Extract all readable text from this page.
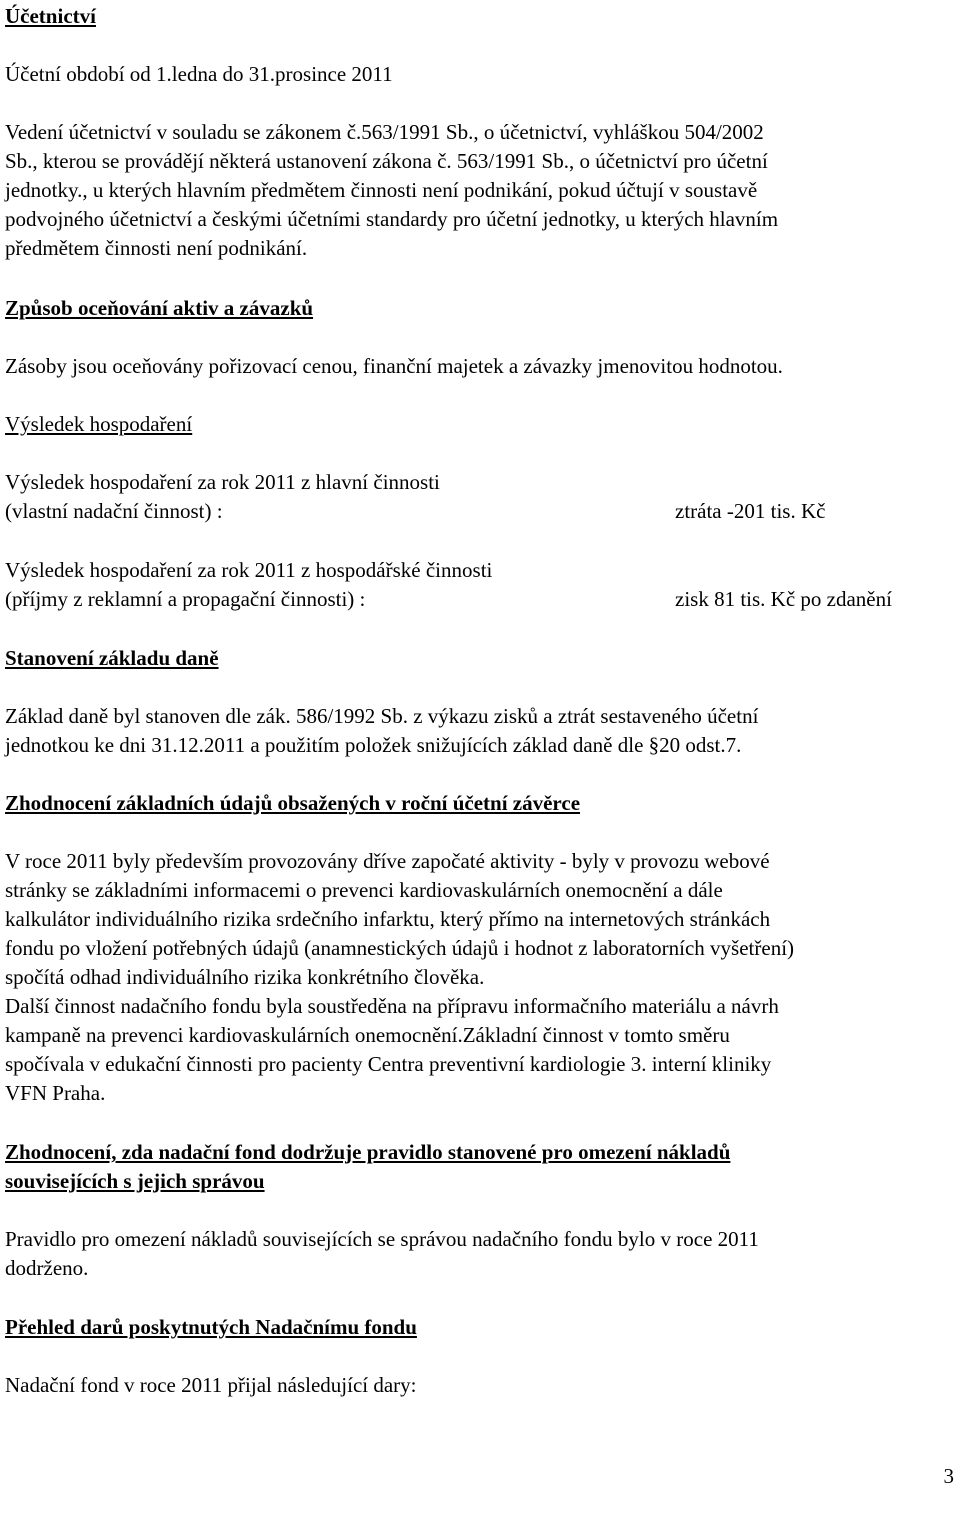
Účetnictví
Účetní období od 1.ledna do 31.prosince 2011
Vedení účetnictví v souladu se zákonem č.563/1991 Sb., o účetnictví, vyhláškou 504/2002
Sb., kterou se provádějí některá ustanovení zákona č. 563/1991 Sb., o účetnictví pro účetní
jednotky., u kterých hlavním předmětem činnosti není podnikání, pokud účtují v soustavě
podvojného účetnictví a českými účetními standardy pro účetní jednotky, u kterých hlavním
předmětem činnosti není podnikání.
Způsob oceňování aktiv a závazků
Zásoby jsou oceňovány pořizovací cenou, finanční majetek a závazky jmenovitou hodnotou.
Výsledek hospodaření
Výsledek hospodaření za rok 2011 z hlavní činnosti
(vlastní nadační činnost) :	ztráta -201 tis. Kč
Výsledek hospodaření za rok 2011 z hospodářské činnosti
(příjmy z reklamní a propagační činnosti) :	zisk 81 tis. Kč po zdanění
Stanovení základu daně
Základ daně byl stanoven dle zák. 586/1992 Sb. z výkazu zisků a ztrát sestaveného účetní
jednotkou ke dni 31.12.2011 a použitím položek snižujících základ daně dle §20 odst.7.
Zhodnocení základních údajů obsažených v roční účetní závěrce
V roce 2011 byly především provozovány dříve započaté aktivity - byly v provozu webové
stránky se základními informacemi o prevenci kardiovaskulárních onemocnění a dále
kalkulátor individuálního rizika srdečního infarktu, který přímo na internetových stránkách
fondu po vložení potřebných údajů (anamnestických údajů i hodnot z laboratorních vyšetření)
spočítá odhad individuálního rizika konkrétního člověka.
Další činnost nadačního fondu byla soustředěna na přípravu informačního materiálu a návrh
kampaně na prevenci kardiovaskulárních onemocnění.Základní činnost v tomto směru
spočívala v edukační činnosti pro pacienty Centra preventivní kardiologie 3. interní kliniky
VFN Praha.
Zhodnocení, zda nadační fond dodržuje pravidlo stanovené pro omezení nákladů
souvisejících s jejich správou
Pravidlo pro omezení nákladů souvisejících se správou nadačního fondu bylo v roce 2011
dodrženo.
Přehled darů poskytnutých Nadačnímu fondu
Nadační fond v roce 2011 přijal následující dary:
3
